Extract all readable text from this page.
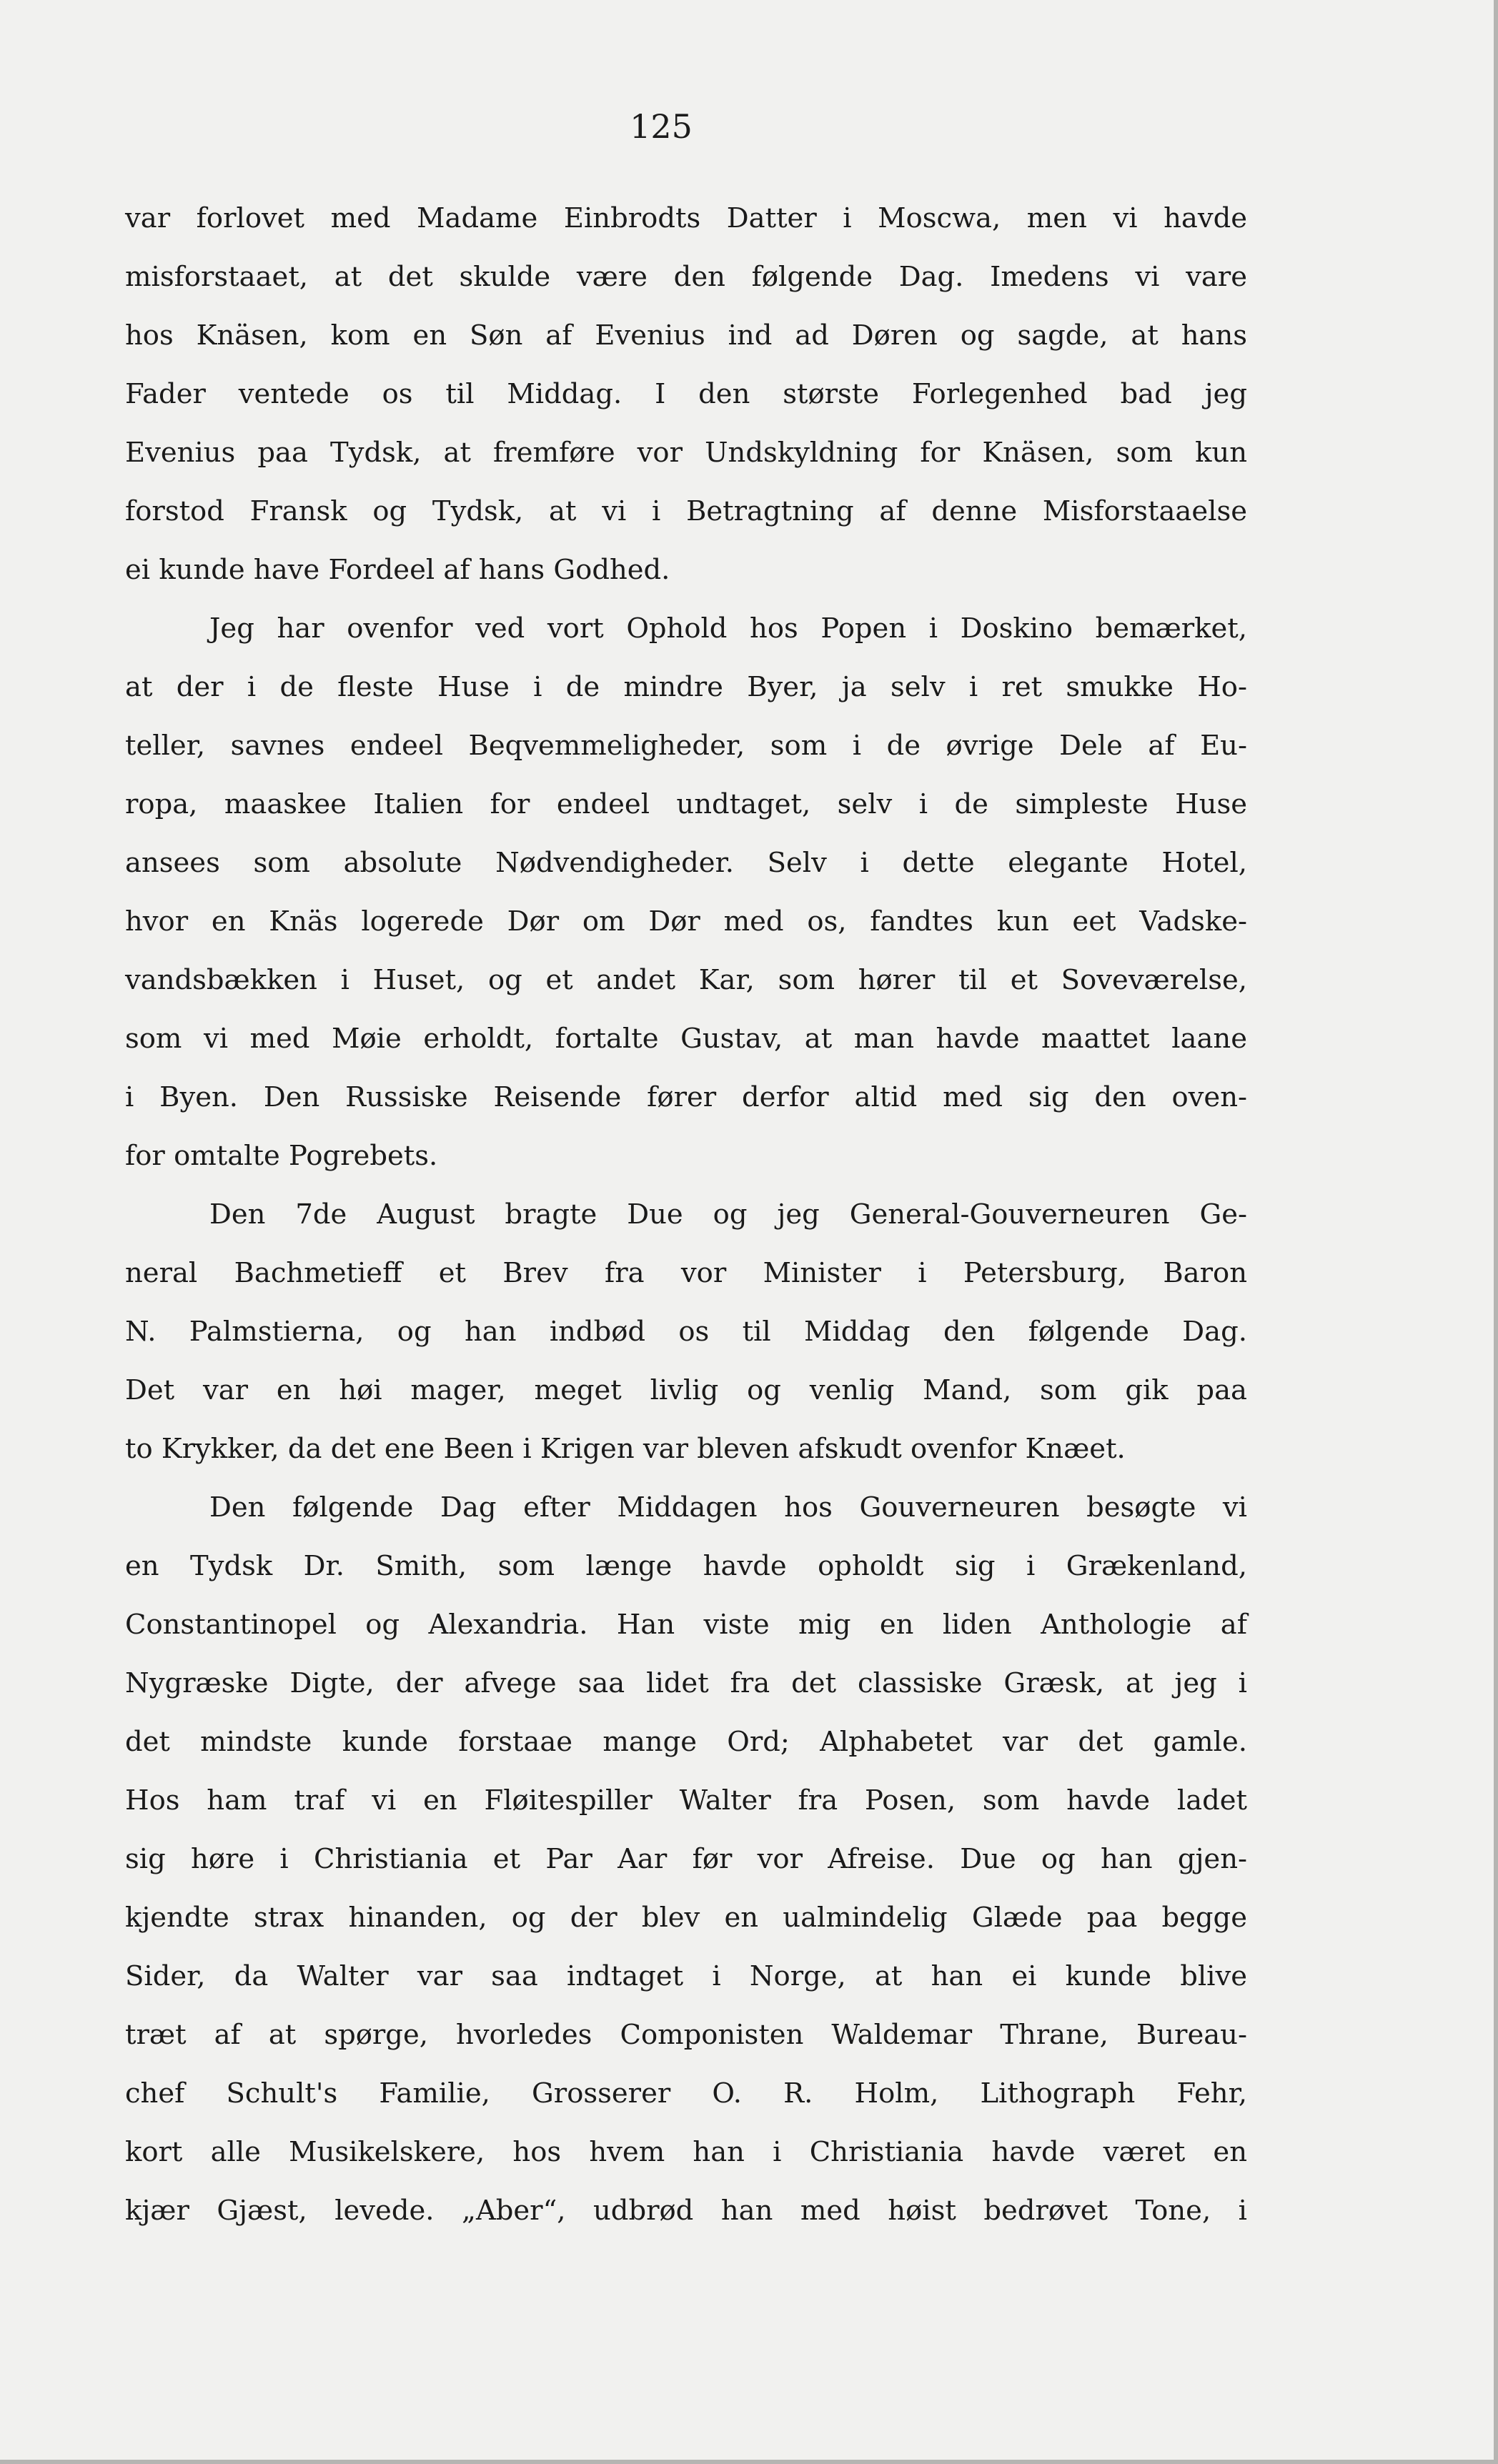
125
var forlovet med Madame Einbrodts Datter i Moscwa, men vi havde
misforstaaet, at det skulde være den følgende Dag. Imedens vi vare
hos Knäsen, kom en Søn af Evenius ind ad Døren og sagde, at hans
Fader ventede os til Middag. I den største Forlegenhed bad jeg
Evenius paa Tydsk, at fremføre vor Undskyldning for Knäsen, som kun
forstod Fransk og Tydsk, at vi i Betragtning af denne Misforstaaelse
ei kunde have Fordeel af hans Godhed.
Jeg har ovenfor ved vort Ophold hos Popen i Doskino bemærket,
at der i de fleste Huse i de mindre Byer, ja selv i ret smukke Ho-
teller, savnes endeel Beqvemmeligheder, som i de øvrige Dele af Eu-
ropa, maaskee Italien for endeel undtaget, selv i de simpleste Huse
ansees som absolute Nødvendigheder. Selv i dette elegante Hotel,
hvor en Knäs logerede Dør om Dør med os, fandtes kun eet Vadske-
vandsbækken i Huset, og et andet Kar, som hører til et Soveværelse,
som vi med Møie erholdt, fortalte Gustav, at man havde maattet laane
i Byen. Den Russiske Reisende fører derfor altid med sig den oven-
for omtalte Pogrebets.
Den 7de August bragte Due og jeg General-Gouverneuren Ge-
neral Bachmetieff et Brev fra vor Minister i Petersburg, Baron
N. Palmstierna, og han indbød os til Middag den følgende Dag.
Det var en høi mager, meget livlig og venlig Mand, som gik paa
to Krykker, da det ene Been i Krigen var bleven afskudt ovenfor Knæet.
Den følgende Dag efter Middagen hos Gouverneuren besøgte vi
en Tydsk Dr. Smith, som længe havde opholdt sig i Grækenland,
Constantinopel og Alexandria. Han viste mig en liden Anthologie af
Nygræske Digte, der afvege saa lidet fra det classiske Græsk, at jeg i
det mindste kunde forstaae mange Ord; Alphabetet var det gamle.
Hos ham traf vi en Fløitespiller Walter fra Posen, som havde ladet
sig høre i Christiania et Par Aar før vor Afreise. Due og han gjen-
kjendte strax hinanden, og der blev en ualmindelig Glæde paa begge
Sider, da Walter var saa indtaget i Norge, at han ei kunde blive
træt af at spørge, hvorledes Componisten Waldemar Thrane, Bureau-
chef Schult's Familie, Grosserer O. R. Holm, Lithograph Fehr,
kort alle Musikelskere, hos hvem han i Christiania havde været en
kjær Gjæst, levede. „Aber“, udbrød han med høist bedrøvet Tone, i
